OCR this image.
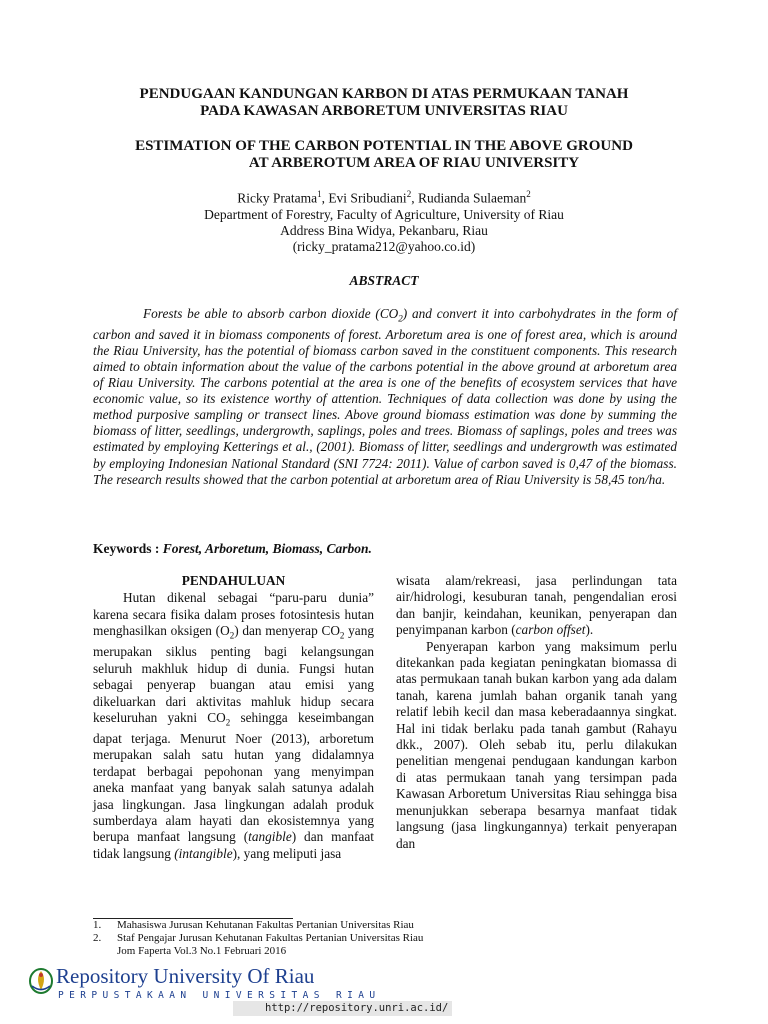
PENDUGAAN KANDUNGAN KARBON DI ATAS PERMUKAAN TANAH
PADA KAWASAN ARBORETUM UNIVERSITAS RIAU
ESTIMATION OF THE CARBON POTENTIAL IN THE ABOVE GROUND
AT ARBEROTUM AREA OF RIAU UNIVERSITY
Ricky Pratama$^1$, Evi Sribudiani$^2$, Rudianda Sulaeman$^2$
Department of Forestry, Faculty of Agriculture, University of Riau
Address Bina Widya, Pekanbaru, Riau
(ricky_pratama212@yahoo.co.id)
ABSTRACT
Forests be able to absorb carbon dioxide $(CO_2)$ and convert it into carbohydrates in the form of carbon and saved it in biomass components of forest. Arboretum area is one of forest area, which is around the Riau University, has the potential of biomass carbon saved in the constituent components. This research aimed to obtain information about the value of the carbons potential in the above ground at arboretum area of Riau University. The carbons potential at the area is one of the benefits of ecosystem services that have economic value, so its existence worthy of attention. Techniques of data collection was done by using the method purposive sampling or transect lines. Above ground biomass estimation was done by summing the biomass of litter, seedlings, undergrowth, saplings, poles and trees. Biomass of saplings, poles and trees was estimated by employing Ketterings et al., (2001). Biomass of litter, seedlings and undergrowth was estimated by employing Indonesian National Standard (SNI 7724: 2011). Value of carbon saved is 0,47 of the biomass. The research results showed that the carbon potential at arboretum area of Riau University is 58,45 ton/ha.
Keywords : Forest, Arboretum, Biomass, Carbon.
PENDAHULUAN

Hutan dikenal sebagai “paru-paru dunia” karena secara fisika dalam proses fotosintesis hutan menghasilkan oksigen $(O_2)$ dan menyerap $CO_2$ yang merupakan siklus penting bagi kelangsungan seluruh makhluk hidup di dunia. Fungsi hutan sebagai penyerap buangan atau emisi yang dikeluarkan dari aktivitas mahluk hidup secara keseluruhan yakni $CO_2$ sehingga keseimbangan dapat terjaga. Menurut Noer (2013), arboretum merupakan salah satu hutan yang didalamnya terdapat berbagai pepohonan yang menyimpan aneka manfaat yang banyak salah satunya adalah jasa lingkungan. Jasa lingkungan adalah produk sumberdaya alam hayati dan ekosistemnya yang berupa manfaat langsung (tangible) dan manfaat tidak langsung (intangible), yang meliputi jasa

wisata alam/rekreasi, jasa perlindungan tata air/hidrologi, kesuburan tanah, pengendalian erosi dan banjir, keindahan, keunikan, penyerapan dan penyimpanan karbon (carbon offset).

Penyerapan karbon yang maksimum perlu ditekankan pada kegiatan peningkatan biomassa di atas permukaan tanah bukan karbon yang ada dalam tanah, karena jumlah bahan organik tanah yang relatif lebih kecil dan masa keberadaannya singkat. Hal ini tidak berlaku pada tanah gambut (Rahayu dkk., 2007). Oleh sebab itu, perlu dilakukan penelitian mengenai pendugaan kandungan karbon di atas permukaan tanah yang tersimpan pada Kawasan Arboretum Universitas Riau sehingga bisa menunjukkan seberapa besarnya manfaat tidak langsung (jasa lingkungannya) terkait penyerapan dan

1.	Mahasiswa Jurusan Kehutanan Fakultas Pertanian Universitas Riau
2.	Staf Pengajar Jurusan Kehutanan Fakultas Pertanian Universitas Riau
Jom Faperta Vol.3 No.1 Februari 2016
Repository University Of Riau
PERPUSTAKAAN UNIVERSITAS RIAU
http://repository.unri.ac.id/
